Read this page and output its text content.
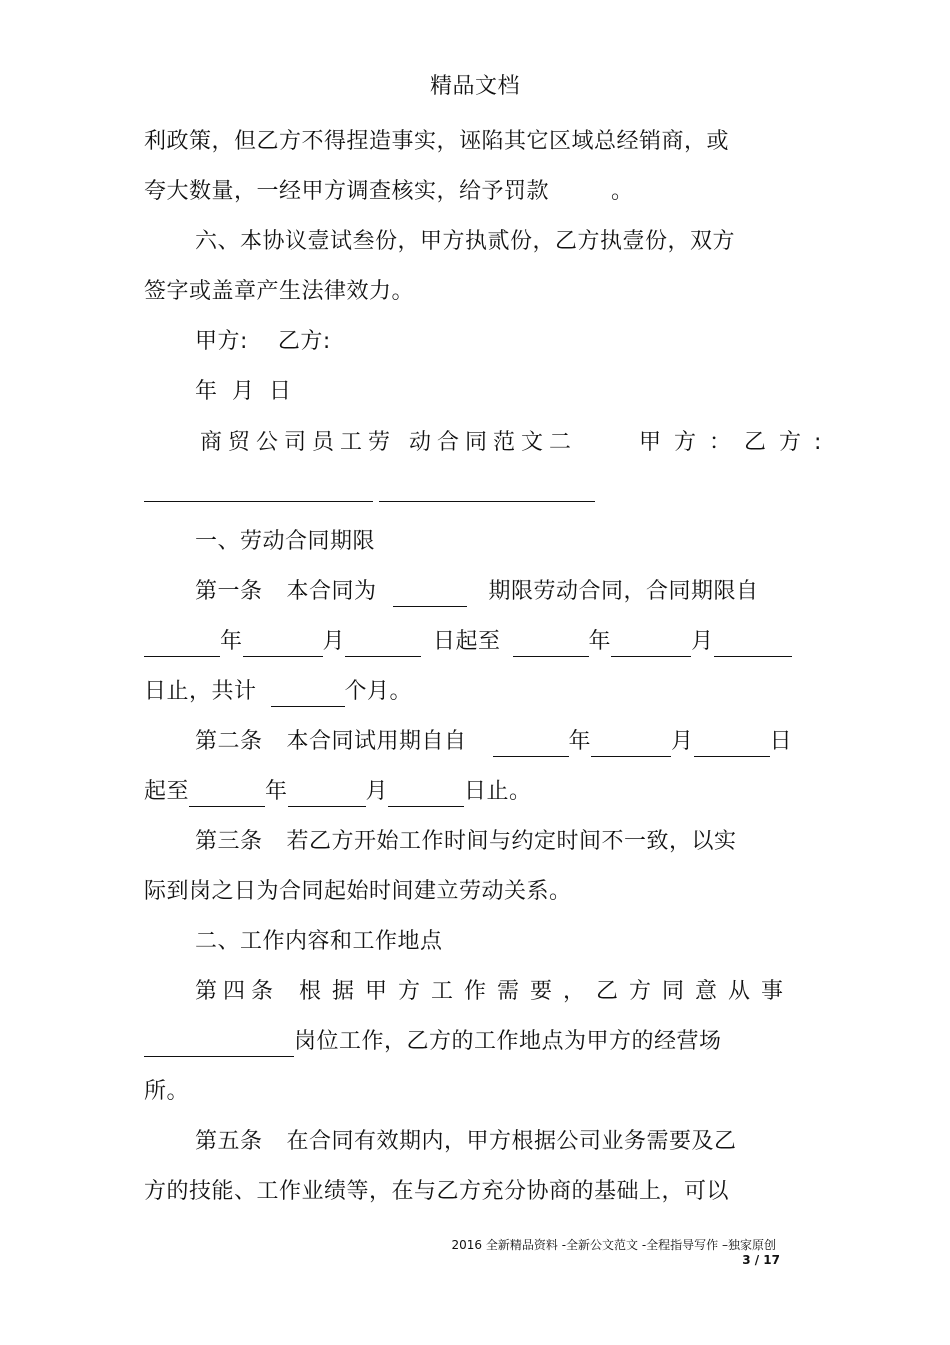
精品文档
利政策，但乙方不得捏造事实，诬陷其它区域总经销商，或
夸大数量，一经甲方调查核实，给予罚款	。
六、本协议壹试叁份，甲方执贰份，乙方执壹份，双方
签字或盖章产生法律效力。
甲方: 乙方:
年 月 日
商贸公司员工劳 动合同范文二	甲方：乙方:
一、劳动合同期限
第一条 本合同为	期限劳动合同，合同期限自
年	月	日起至	年	月
日止，共计	个月。
第二条 本合同试用期自自	年	月	日
起至	年	月	日止。
第三条 若乙方开始工作时间与约定时间不一致，以实
际到岗之日为合同起始时间建立劳动关系。
二、工作内容和工作地点
第四条 根据甲方工作需要，乙方同意从事
岗位工作，乙方的工作地点为甲方的经营场
所。
第五条 在合同有效期内，甲方根据公司业务需要及乙
方的技能、工作业绩等，在与乙方充分协商的基础上，可以
2016 全新精品资料 -全新公文范文 -全程指导写作 –独家原创
3 / 17
